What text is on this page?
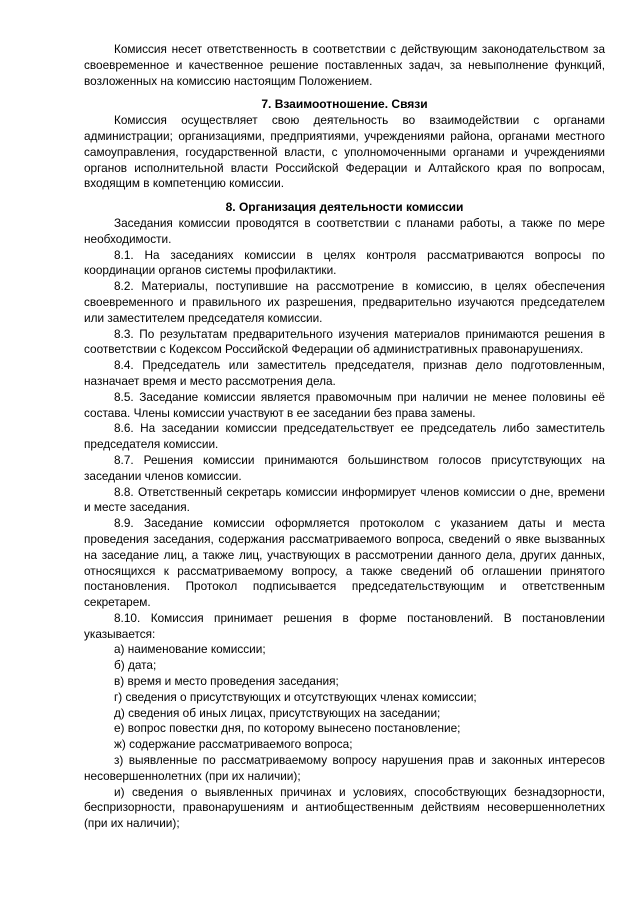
Комиссия несет ответственность в соответствии с действующим законодательством за своевременное и качественное решение поставленных задач, за невыполнение функций, возложенных на комиссию настоящим Положением.

7. Взаимоотношение. Связи

Комиссия осуществляет свою деятельность во взаимодействии с органами администрации; организациями, предприятиями, учреждениями района, органами местного самоуправления, государственной власти, с уполномоченными органами и учреждениями органов исполнительной власти Российской Федерации и Алтайского края по вопросам, входящим в компетенцию комиссии.

8. Организация деятельности комиссии

Заседания комиссии проводятся в соответствии с планами работы, а также по мере необходимости.

8.1. На заседаниях комиссии в целях контроля рассматриваются вопросы по координации органов системы профилактики.

8.2. Материалы, поступившие на рассмотрение в комиссию, в целях обеспечения своевременного и правильного их разрешения, предварительно изучаются председателем или заместителем председателя комиссии.

8.3. По результатам предварительного изучения материалов принимаются решения в соответствии с Кодексом Российской Федерации об административных правонарушениях.

8.4. Председатель или заместитель председателя, признав дело подготовленным, назначает время и место рассмотрения дела.

8.5. Заседание комиссии является правомочным при наличии не менее половины её состава. Члены комиссии участвуют в ее заседании без права замены.

8.6. На заседании комиссии председательствует ее председатель либо заместитель председателя комиссии.

8.7. Решения комиссии принимаются большинством голосов присутствующих на заседании членов комиссии.

8.8. Ответственный секретарь комиссии информирует членов комиссии о дне, времени и месте заседания.

8.9. Заседание комиссии оформляется протоколом с указанием даты и места проведения заседания, содержания рассматриваемого вопроса, сведений о явке вызванных на заседание лиц, а также лиц, участвующих в рассмотрении данного дела, других данных, относящихся к рассматриваемому вопросу, а также сведений об оглашении принятого постановления. Протокол подписывается председательствующим и ответственным секретарем.

8.10. Комиссия принимает решения в форме постановлений. В постановлении указывается:

а) наименование комиссии;

б) дата;

в) время и место проведения заседания;

г) сведения о присутствующих и отсутствующих членах комиссии;

д) сведения об иных лицах, присутствующих на заседании;

е) вопрос повестки дня, по которому вынесено постановление;

ж) содержание рассматриваемого вопроса;

з) выявленные по рассматриваемому вопросу нарушения прав и законных интересов несовершеннолетних (при их наличии);

и) сведения о выявленных причинах и условиях, способствующих безнадзорности, беспризорности, правонарушениям и антиобщественным действиям несовершеннолетних (при их наличии);
